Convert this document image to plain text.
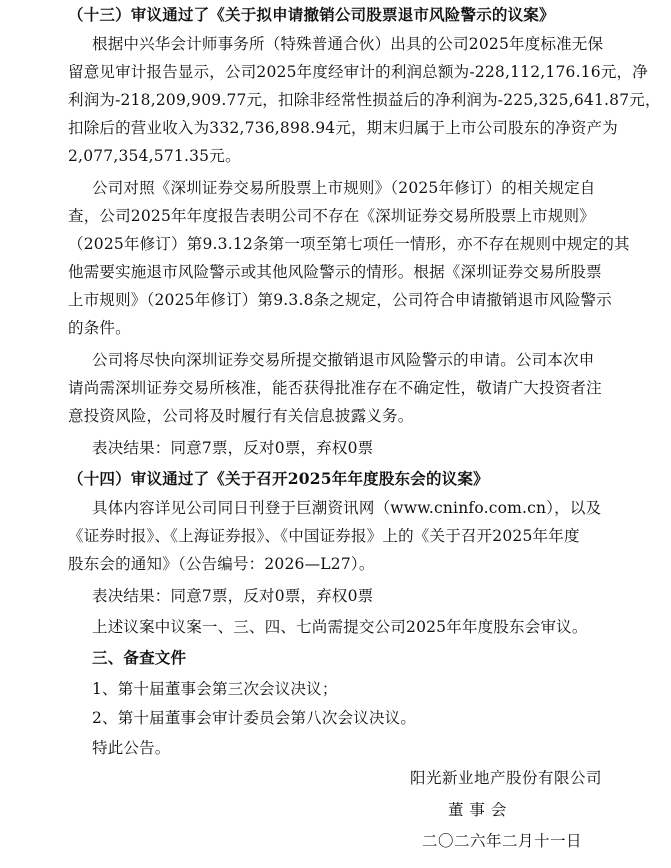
（十三）审议通过了《关于拟申请撤销公司股票退市风险警示的议案》
根据中兴华会计师事务所（特殊普通合伙）出具的公司2025年度标准无保
留意见审计报告显示，公司2025年度经审计的利润总额为-228,112,176.16元，净
利润为-218,209,909.77元，扣除非经常性损益后的净利润为-225,325,641.87元，
扣除后的营业收入为332,736,898.94元，期末归属于上市公司股东的净资产为
2,077,354,571.35元。
公司对照《深圳证券交易所股票上市规则》（2025年修订）的相关规定自
查，公司2025年年度报告表明公司不存在《深圳证券交易所股票上市规则》
（2025年修订）第9.3.12条第一项至第七项任一情形，亦不存在规则中规定的其
他需要实施退市风险警示或其他风险警示的情形。根据《深圳证券交易所股票
上市规则》（2025年修订）第9.3.8条之规定，公司符合申请撤销退市风险警示
的条件。
公司将尽快向深圳证券交易所提交撤销退市风险警示的申请。公司本次申
请尚需深圳证券交易所核准，能否获得批准存在不确定性，敬请广大投资者注
意投资风险，公司将及时履行有关信息披露义务。
表决结果：同意7票，反对0票，弃权0票
（十四）审议通过了《关于召开2025年年度股东会的议案》
具体内容详见公司同日刊登于巨潮资讯网（www.cninfo.com.cn），以及
《证券时报》、《上海证券报》、《中国证券报》上的《关于召开2025年年度
股东会的通知》（公告编号：2026—L27）。
表决结果：同意7票，反对0票，弃权0票
上述议案中议案一、三、四、七尚需提交公司2025年年度股东会审议。
三、备查文件
1、第十届董事会第三次会议决议；
2、第十届董事会审计委员会第八次会议决议。
特此公告。
阳光新业地产股份有限公司
董 事 会
二〇二六年二月十一日
